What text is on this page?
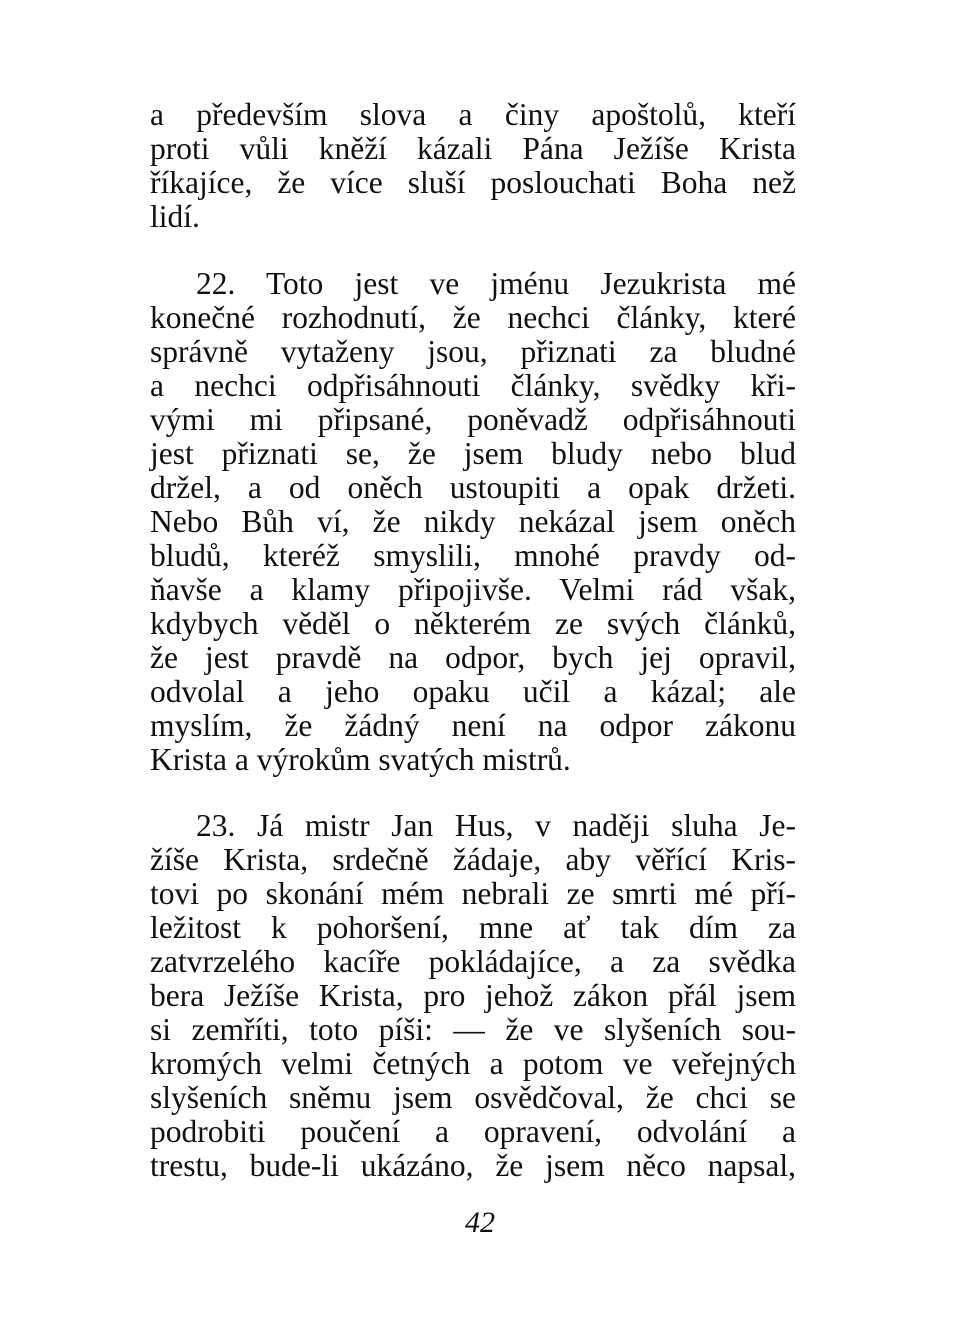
a především slova a činy apoštolů, kteří
proti vůli kněží kázali Pána Ježíše Krista
říkajíce, že více sluší poslouchati Boha než
lidí.
22. Toto jest ve jménu Jezukrista mé
konečné rozhodnutí, že nechci články, které
správně vytaženy jsou, přiznati za bludné
a nechci odpřisáhnouti články, svědky kři-
vými mi připsané, poněvadž odpřisáhnouti
jest přiznati se, že jsem bludy nebo blud
držel, a od oněch ustoupiti a opak držeti.
Nebo Bůh ví, že nikdy nekázal jsem oněch
bludů, kteréž smyslili, mnohé pravdy od-
ňavše a klamy připojivše. Velmi rád však,
kdybych věděl o některém ze svých článků,
že jest pravdě na odpor, bych jej opravil,
odvolal a jeho opaku učil a kázal; ale
myslím, že žádný není na odpor zákonu
Krista a výrokům svatých mistrů.
23. Já mistr Jan Hus, v naději sluha Je-
žíše Krista, srdečně žádaje, aby věřící Kris-
tovi po skonání mém nebrali ze smrti mé pří-
ležitost k pohoršení, mne ať tak dím za
zatvrzelého kacíře pokládajíce, a za svědka
bera Ježíše Krista, pro jehož zákon přál jsem
si zemříti, toto píši: — že ve slyšeních sou-
kromých velmi četných a potom ve veřejných
slyšeních sněmu jsem osvědčoval, že chci se
podrobiti poučení a opravení, odvolání a
trestu, bude-li ukázáno, že jsem něco napsal,
42
